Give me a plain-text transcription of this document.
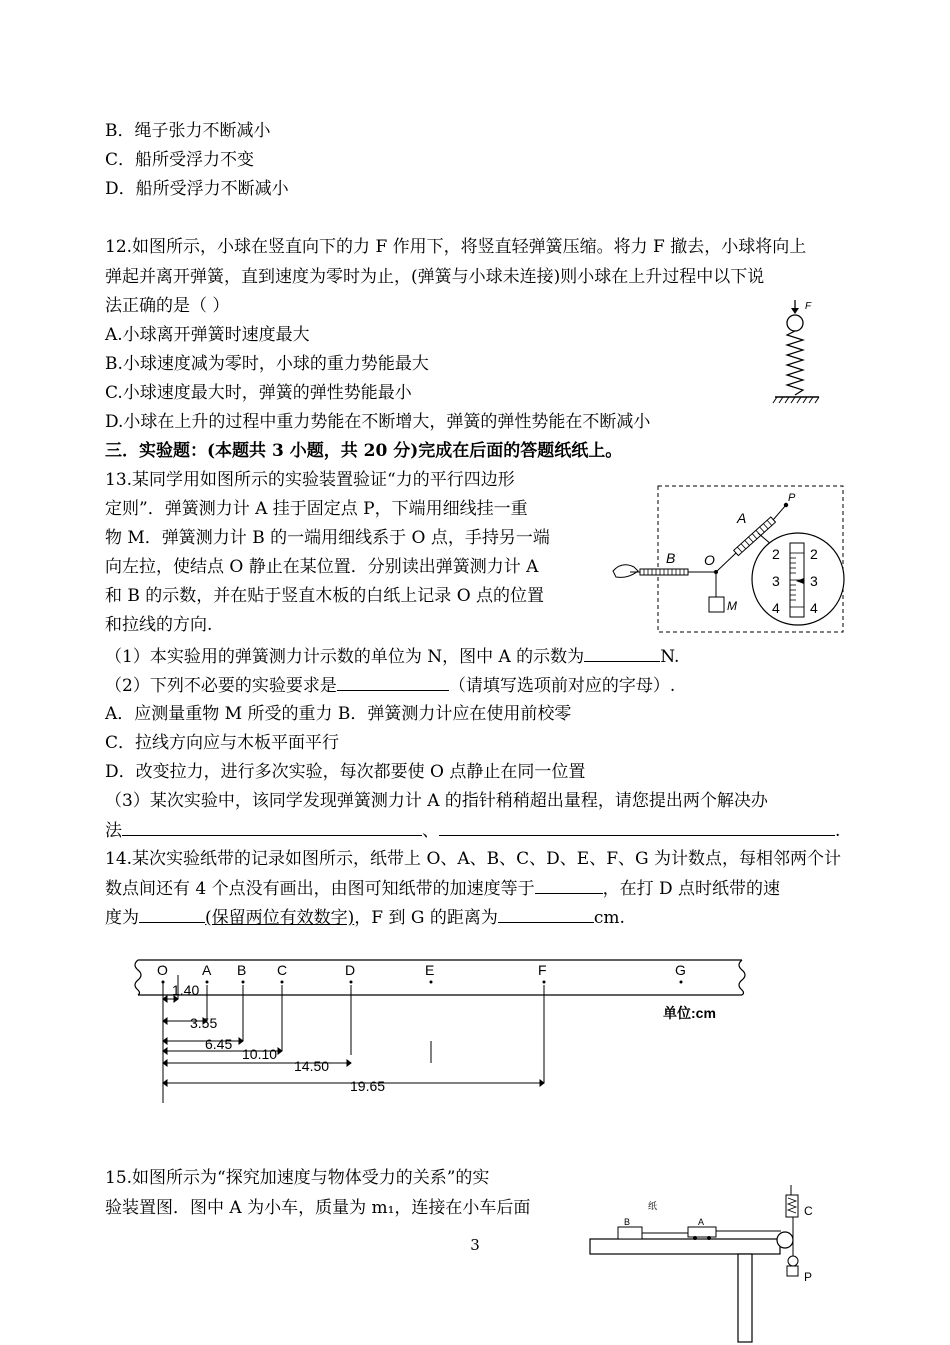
B．绳子张力不断减小
C．船所受浮力不变
D．船所受浮力不断减小
12.如图所示，小球在竖直向下的力 F 作用下，将竖直轻弹簧压缩。将力 F 撤去，小球将向上
弹起并离开弹簧，直到速度为零时为止，(弹簧与小球未连接)则小球在上升过程中以下说
法正确的是（ ）
A.小球离开弹簧时速度最大
B.小球速度减为零时，小球的重力势能最大
C.小球速度最大时，弹簧的弹性势能最小
D.小球在上升的过程中重力势能在不断增大，弹簧的弹性势能在不断减小
F
三．实验题：(本题共 3 小题，共 20 分)完成在后面的答题纸纸上。
13.某同学用如图所示的实验装置验证“力的平行四边形
定则”．弹簧测力计 A 挂于固定点 P，下端用细线挂一重
物 M．弹簧测力计 B 的一端用细线系于 O 点，手持另一端
向左拉，使结点 O 静止在某位置．分别读出弹簧测力计 A
和 B 的示数，并在贴于竖直木板的白纸上记录 O 点的位置
和拉线的方向.
B O
M
P
A
2
3
4
2
3
4
（1）本实验用的弹簧测力计示数的单位为 N，图中 A 的示数为	N.
（2）下列不必要的实验要求是	（请填写选项前对应的字母）.
A．应测量重物 M 所受的重力 B．弹簧测力计应在使用前校零
C．拉线方向应与木板平面平行
D．改变拉力，进行多次实验，每次都要使 O 点静止在同一位置
（3）某次实验中，该同学发现弹簧测力计 A 的指针稍稍超出量程，请您提出两个解决办
法	、	.
14.某次实验纸带的记录如图所示，纸带上 O、A、B、C、D、E、F、G 为计数点，每相邻两个计
数点间还有 4 个点没有画出，由图可知纸带的加速度等于	，在打 D 点时纸带的速
度为	(保留两位有效数字)，F 到 G 的距离为	cm.
O A B C	D	E	F	G
单位:cm
1.40
3.55
6.45
10.10
14.50
19.65
15.如图所示为“探究加速度与物体受力的关系”的实
验装置图．图中 A 为小车，质量为 m₁，连接在小车后面
B
纸
A
C
P
3
